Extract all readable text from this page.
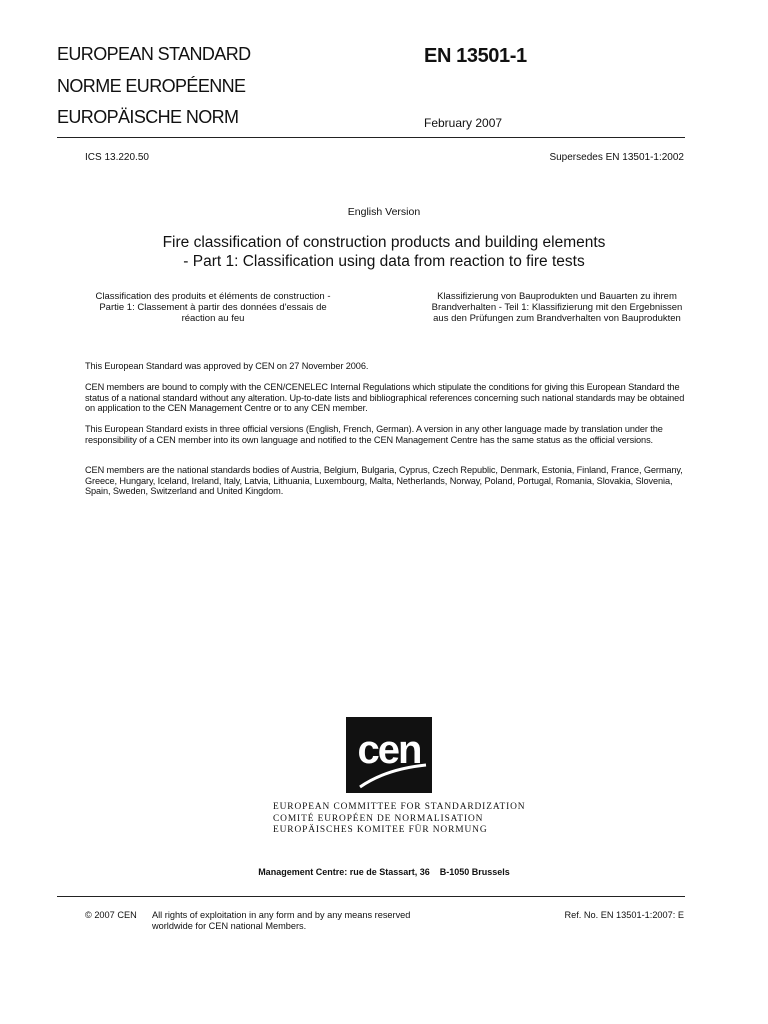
EUROPEAN STANDARD
NORME EUROPÉENNE
EUROPÄISCHE NORM
EN 13501-1
February 2007
ICS 13.220.50	Supersedes EN 13501-1:2002
English Version
Fire classification of construction products and building elements
- Part 1: Classification using data from reaction to fire tests
Classification des produits et éléments de construction - Partie 1: Classement à partir des données d'essais de réaction au feu
Klassifizierung von Bauprodukten und Bauarten zu ihrem Brandverhalten - Teil 1: Klassifizierung mit den Ergebnissen aus den Prüfungen zum Brandverhalten von Bauprodukten
This European Standard was approved by CEN on 27 November 2006.
CEN members are bound to comply with the CEN/CENELEC Internal Regulations which stipulate the conditions for giving this European Standard the status of a national standard without any alteration. Up-to-date lists and bibliographical references concerning such national standards may be obtained on application to the CEN Management Centre or to any CEN member.
This European Standard exists in three official versions (English, French, German). A version in any other language made by translation under the responsibility of a CEN member into its own language and notified to the CEN Management Centre has the same status as the official versions.
CEN members are the national standards bodies of Austria, Belgium, Bulgaria, Cyprus, Czech Republic, Denmark, Estonia, Finland, France, Germany, Greece, Hungary, Iceland, Ireland, Italy, Latvia, Lithuania, Luxembourg, Malta, Netherlands, Norway, Poland, Portugal, Romania, Slovakia, Slovenia, Spain, Sweden, Switzerland and United Kingdom.
cen
EUROPEAN COMMITTEE FOR STANDARDIZATION
COMITÉ EUROPÉEN DE NORMALISATION
EUROPÄISCHES KOMITEE FÜR NORMUNG
Management Centre: rue de Stassart, 36    B-1050 Brussels
© 2007 CEN All rights of exploitation in any form and by any means reserved
worldwide for CEN national Members.
Ref. No. EN 13501-1:2007: E
